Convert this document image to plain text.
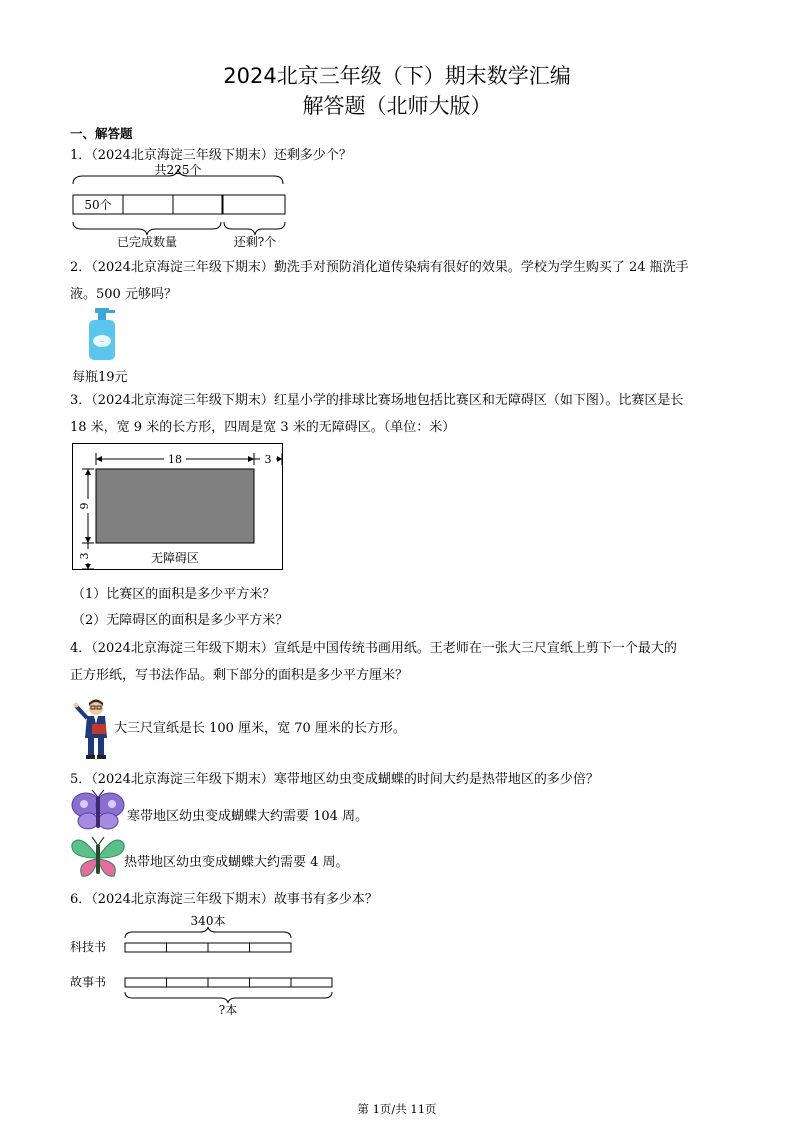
2024北京三年级（下）期末数学汇编
解答题（北师大版）
一、解答题
1．（2024北京海淀三年级下期末）还剩多少个？
共225个
50个
已完成数量	还剩?个
2．（2024北京海淀三年级下期末）勤洗手对预防消化道传染病有很好的效果。学校为学生购买了 24 瓶洗手
液。500 元够吗？
~
每瓶19元
3．（2024北京海淀三年级下期末）红星小学的排球比赛场地包括比赛区和无障碍区（如下图）。比赛区是长
18 米，宽 9 米的长方形，四周是宽 3 米的无障碍区。（单位：米）
18	3
9
3	无障碍区
（1）比赛区的面积是多少平方米？
（2）无障碍区的面积是多少平方米？
4．（2024北京海淀三年级下期末）宣纸是中国传统书画用纸。王老师在一张大三尺宣纸上剪下一个最大的
正方形纸，写书法作品。剩下部分的面积是多少平方厘米？
大三尺宣纸是长 100 厘米，宽 70 厘米的长方形。
5．（2024北京海淀三年级下期末）寒带地区幼虫变成蝴蝶的时间大约是热带地区的多少倍？
寒带地区幼虫变成蝴蝶大约需要 104 周。
热带地区幼虫变成蝴蝶大约需要 4 周。
6．（2024北京海淀三年级下期末）故事书有多少本？
340本
科技书
故事书
?本
第 1页/共 11页
